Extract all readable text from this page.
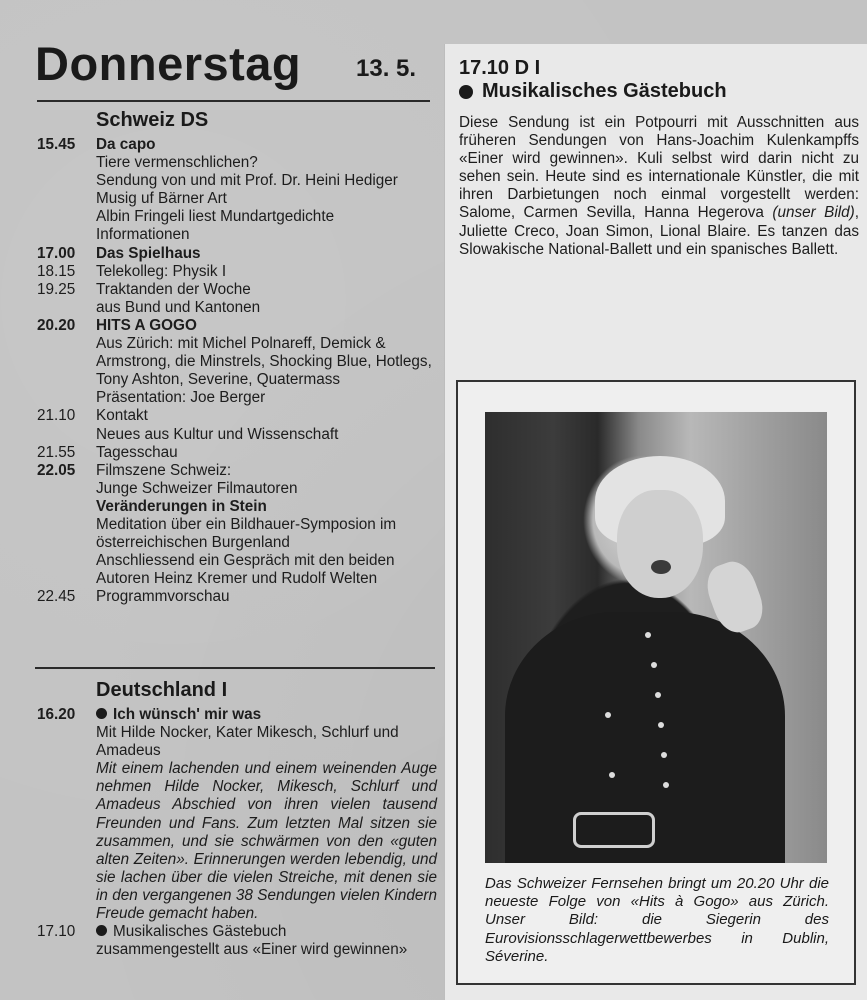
Donnerstag 13. 5.
Schweiz DS
15.45	Da capo
Tiere vermenschlichen?
Sendung von und mit Prof. Dr. Heini Hediger
Musig uf Bärner Art
Albin Fringeli liest Mundartgedichte
Informationen
17.00	Das Spielhaus
18.15	Telekolleg: Physik I
19.25	Traktanden der Woche
aus Bund und Kantonen
20.20	HITS A GOGO
Aus Zürich: mit Michel Polnareff, Demick & Armstrong, die Minstrels, Shocking Blue, Hotlegs, Tony Ashton, Severine, Quatermass
Präsentation: Joe Berger
21.10	Kontakt
Neues aus Kultur und Wissenschaft
21.55	Tagesschau
22.05	Filmszene Schweiz:
Junge Schweizer Filmautoren
Veränderungen in Stein
Meditation über ein Bildhauer-Symposion im österreichischen Burgenland
Anschliessend ein Gespräch mit den beiden Autoren Heinz Kremer und Rudolf Welten
22.45	Programmvorschau
Deutschland I
16.20	Ich wünsch' mir was
Mit Hilde Nocker, Kater Mikesch, Schlurf und Amadeus
Mit einem lachenden und einem weinenden Auge nehmen Hilde Nocker, Mikesch, Schlurf und Amadeus Abschied von ihren vielen tausend Freunden und Fans. Zum letzten Mal sitzen sie zusammen, und sie schwärmen von den «guten alten Zeiten». Erinnerungen werden lebendig, und sie lachen über die vielen Streiche, mit denen sie in den vergangenen 38 Sendungen vielen Kindern Freude gemacht haben.
17.10	Musikalisches Gästebuch
zusammengestellt aus «Einer wird gewinnen»
17.10 D I
Musikalisches Gästebuch
Diese Sendung ist ein Potpourri mit Ausschnitten aus früheren Sendungen von Hans-Joachim Kulenkampffs «Einer wird gewinnen». Kuli selbst wird darin nicht zu sehen sein. Heute sind es internationale Künstler, die mit ihren Darbietungen noch einmal vorgestellt werden: Salome, Carmen Sevilla, Hanna Hegerova (unser Bild), Juliette Creco, Joan Simon, Lional Blaire. Es tanzen das Slowakische National-Ballett und ein spanisches Ballett.
Das Schweizer Fernsehen bringt um 20.20 Uhr die neueste Folge von «Hits à Gogo» aus Zürich. Unser Bild: die Siegerin des Eurovisionsschlagerwettbewerbes in Dublin, Séverine.
